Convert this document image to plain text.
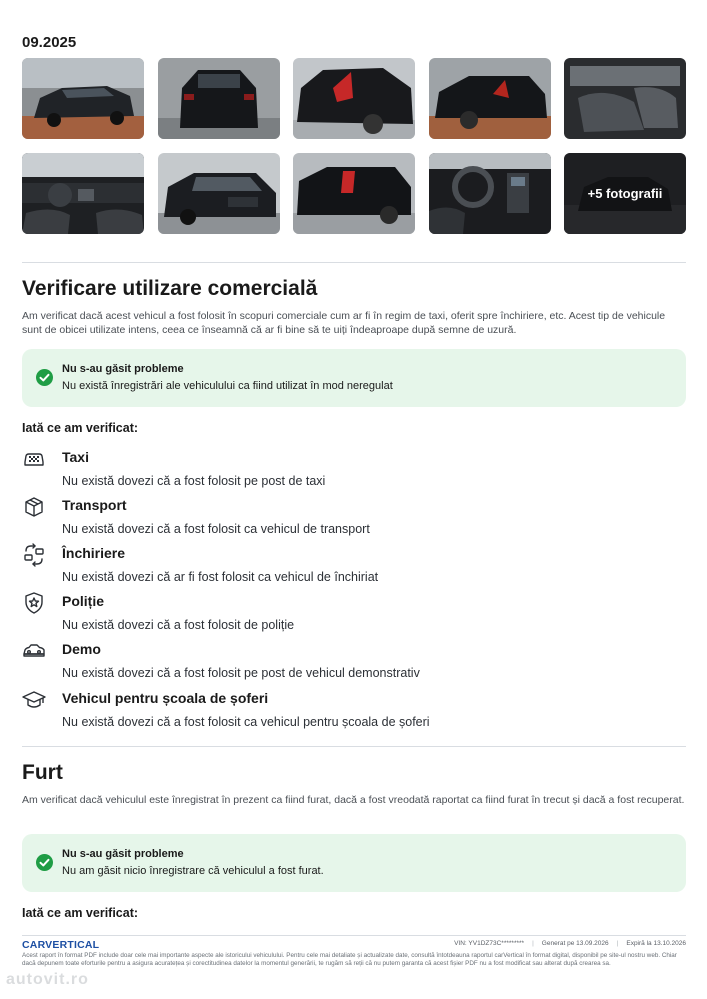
09.2025
+5 fotografii
Verificare utilizare comercială
Am verificat dacă acest vehicul a fost folosit în scopuri comerciale cum ar fi în regim de taxi, oferit spre închiriere, etc. Acest tip de vehicule sunt de obicei utilizate intens, ceea ce înseamnă că ar fi bine să te uiți îndeaproape după semne de uzură.
Nu s-au găsit probleme
Nu există înregistrări ale vehiculului ca fiind utilizat în mod neregulat
Iată ce am verificat:
Taxi
Nu există dovezi că a fost folosit pe post de taxi
Transport
Nu există dovezi că a fost folosit ca vehicul de transport
Închiriere
Nu există dovezi că ar fi fost folosit ca vehicul de închiriat
Poliție
Nu există dovezi că a fost folosit de poliție
Demo
Nu există dovezi că a fost folosit pe post de vehicul demonstrativ
Vehicul pentru școala de șoferi
Nu există dovezi că a fost folosit ca vehicul pentru școala de șoferi
Furt
Am verificat dacă vehiculul este înregistrat în prezent ca fiind furat, dacă a fost vreodată raportat ca fiind furat în trecut și dacă a fost recuperat.
Nu s-au găsit probleme
Nu am găsit nicio înregistrare că vehiculul a fost furat.
Iată ce am verificat:
CARVERTICAL	VIN: YV1DZ73C********* | Generat pe 13.09.2026 | Expiră la 13.10.2026
Acest raport în format PDF include doar cele mai importante aspecte ale istoricului vehiculului. Pentru cele mai detaliate și actualizate date, consultă întotdeauna raportul carVertical în format digital, disponibil pe site-ul nostru web. Chiar dacă depunem toate eforturile pentru a asigura acuratețea și corectitudinea datelor la momentul generării, te rugăm să reții că nu putem garanta că acest fișier PDF nu a fost modificat sau alterat după crearea sa.
autovit.ro
